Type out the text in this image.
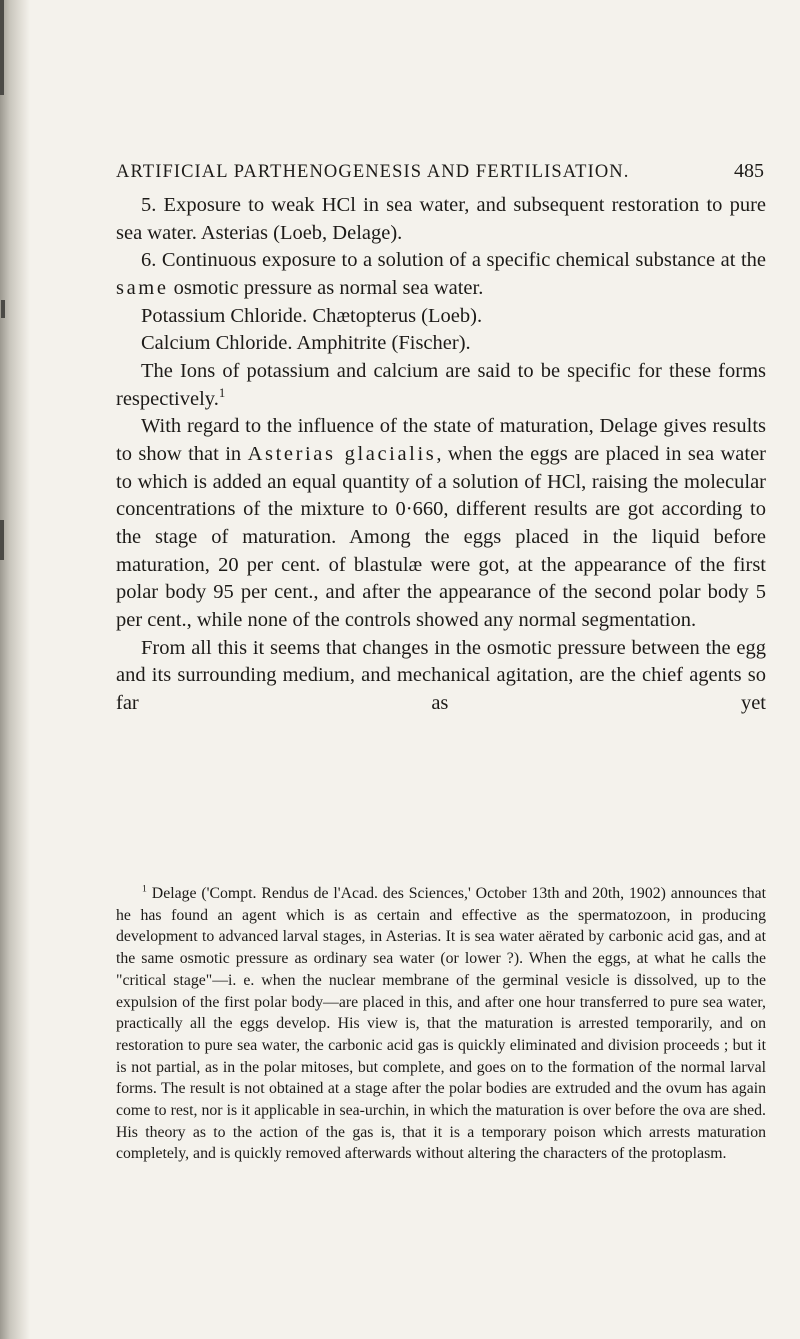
ARTIFICIAL PARTHENOGENESIS AND FERTILISATION.	485

5. Exposure to weak HCl in sea water, and subsequent restoration to pure sea water. Asterias (Loeb, Delage).

6. Continuous exposure to a solution of a specific chemical substance at the same osmotic pressure as normal sea water.

Potassium Chloride. Chætopterus (Loeb).

Calcium Chloride. Amphitrite (Fischer).

The Ions of potassium and calcium are said to be specific for these forms respectively.$^1$

With regard to the influence of the state of maturation, Delage gives results to show that in Asterias glacialis, when the eggs are placed in sea water to which is added an equal quantity of a solution of HCl, raising the molecular concentrations of the mixture to 0·660, different results are got according to the stage of maturation. Among the eggs placed in the liquid before maturation, 20 per cent. of blastulæ were got, at the appearance of the first polar body 95 per cent., and after the appearance of the second polar body 5 per cent., while none of the controls showed any normal segmentation.

From all this it seems that changes in the osmotic pressure between the egg and its surrounding medium, and mechanical agitation, are the chief agents so far as yet

$^1$ Delage ('Compt. Rendus de l'Acad. des Sciences,' October 13th and 20th, 1902) announces that he has found an agent which is as certain and effective as the spermatozoon, in producing development to advanced larval stages, in Asterias. It is sea water aërated by carbonic acid gas, and at the same osmotic pressure as ordinary sea water (or lower ?). When the eggs, at what he calls the "critical stage"—i. e. when the nuclear membrane of the germinal vesicle is dissolved, up to the expulsion of the first polar body—are placed in this, and after one hour transferred to pure sea water, practically all the eggs develop. His view is, that the maturation is arrested temporarily, and on restoration to pure sea water, the carbonic acid gas is quickly eliminated and division proceeds ; but it is not partial, as in the polar mitoses, but complete, and goes on to the formation of the normal larval forms. The result is not obtained at a stage after the polar bodies are extruded and the ovum has again come to rest, nor is it applicable in sea-urchin, in which the maturation is over before the ova are shed. His theory as to the action of the gas is, that it is a temporary poison which arrests maturation completely, and is quickly removed afterwards without altering the characters of the protoplasm.
